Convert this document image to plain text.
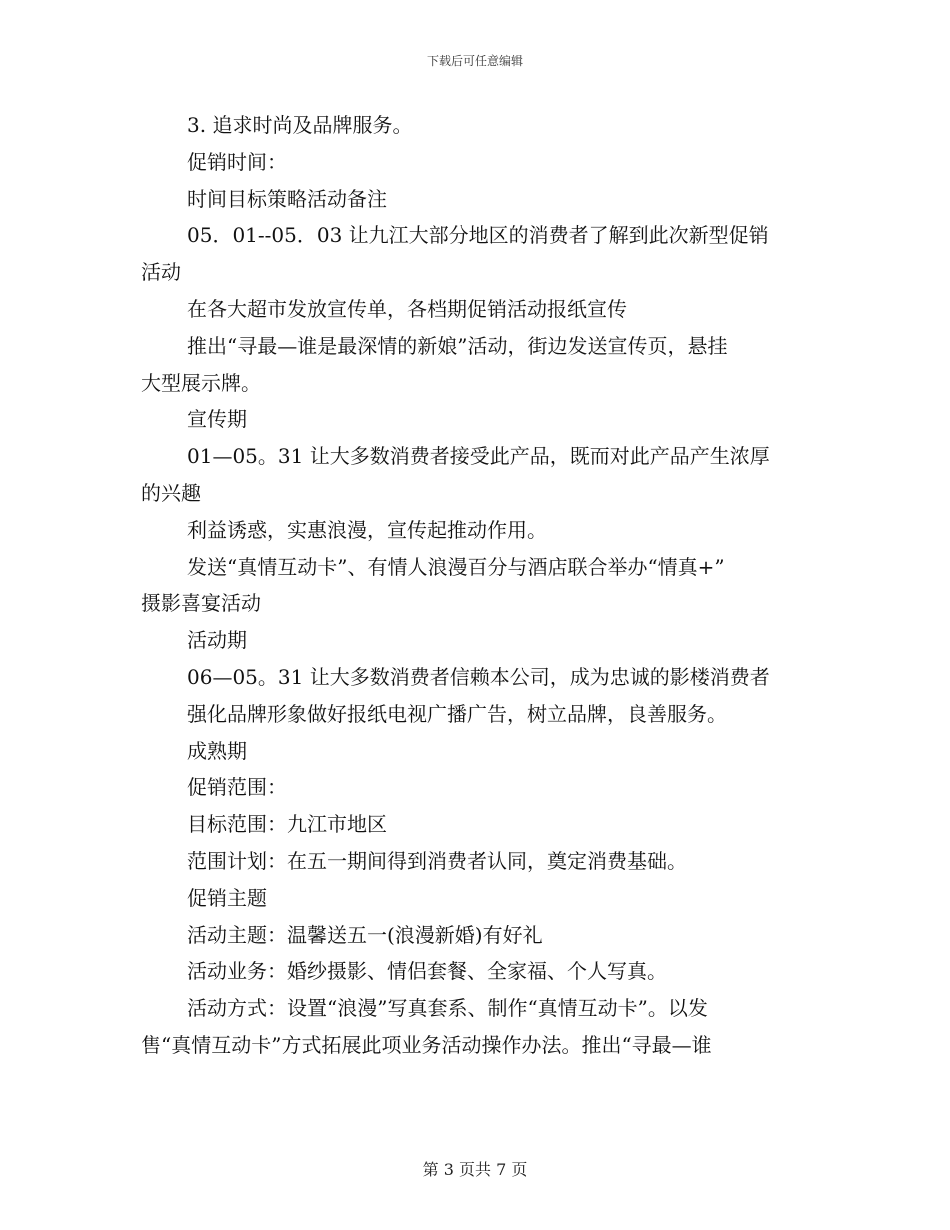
下载后可任意编辑

3. 追求时尚及品牌服务。

促销时间：

时间目标策略活动备注

05．01--05．03 让九江大部分地区的消费者了解到此次新型促销

活动

在各大超市发放宣传单，各档期促销活动报纸宣传

推出“寻最—谁是最深情的新娘”活动，街边发送宣传页，悬挂

大型展示牌。

宣传期

01—05。31 让大多数消费者接受此产品，既而对此产品产生浓厚

的兴趣

利益诱惑，实惠浪漫，宣传起推动作用。

发送“真情互动卡”、有情人浪漫百分与酒店联合举办“情真+”

摄影喜宴活动

活动期

06—05。31 让大多数消费者信赖本公司，成为忠诚的影楼消费者

强化品牌形象做好报纸电视广播广告，树立品牌，良善服务。

成熟期

促销范围：

目标范围：九江市地区

范围计划：在五一期间得到消费者认同，奠定消费基础。

促销主题

活动主题：温馨送五一(浪漫新婚)有好礼

活动业务：婚纱摄影、情侣套餐、全家福、个人写真。

活动方式：设置“浪漫”写真套系、制作“真情互动卡”。以发

售“真情互动卡”方式拓展此项业务活动操作办法。推出“寻最—谁

第 3 页共 7 页
